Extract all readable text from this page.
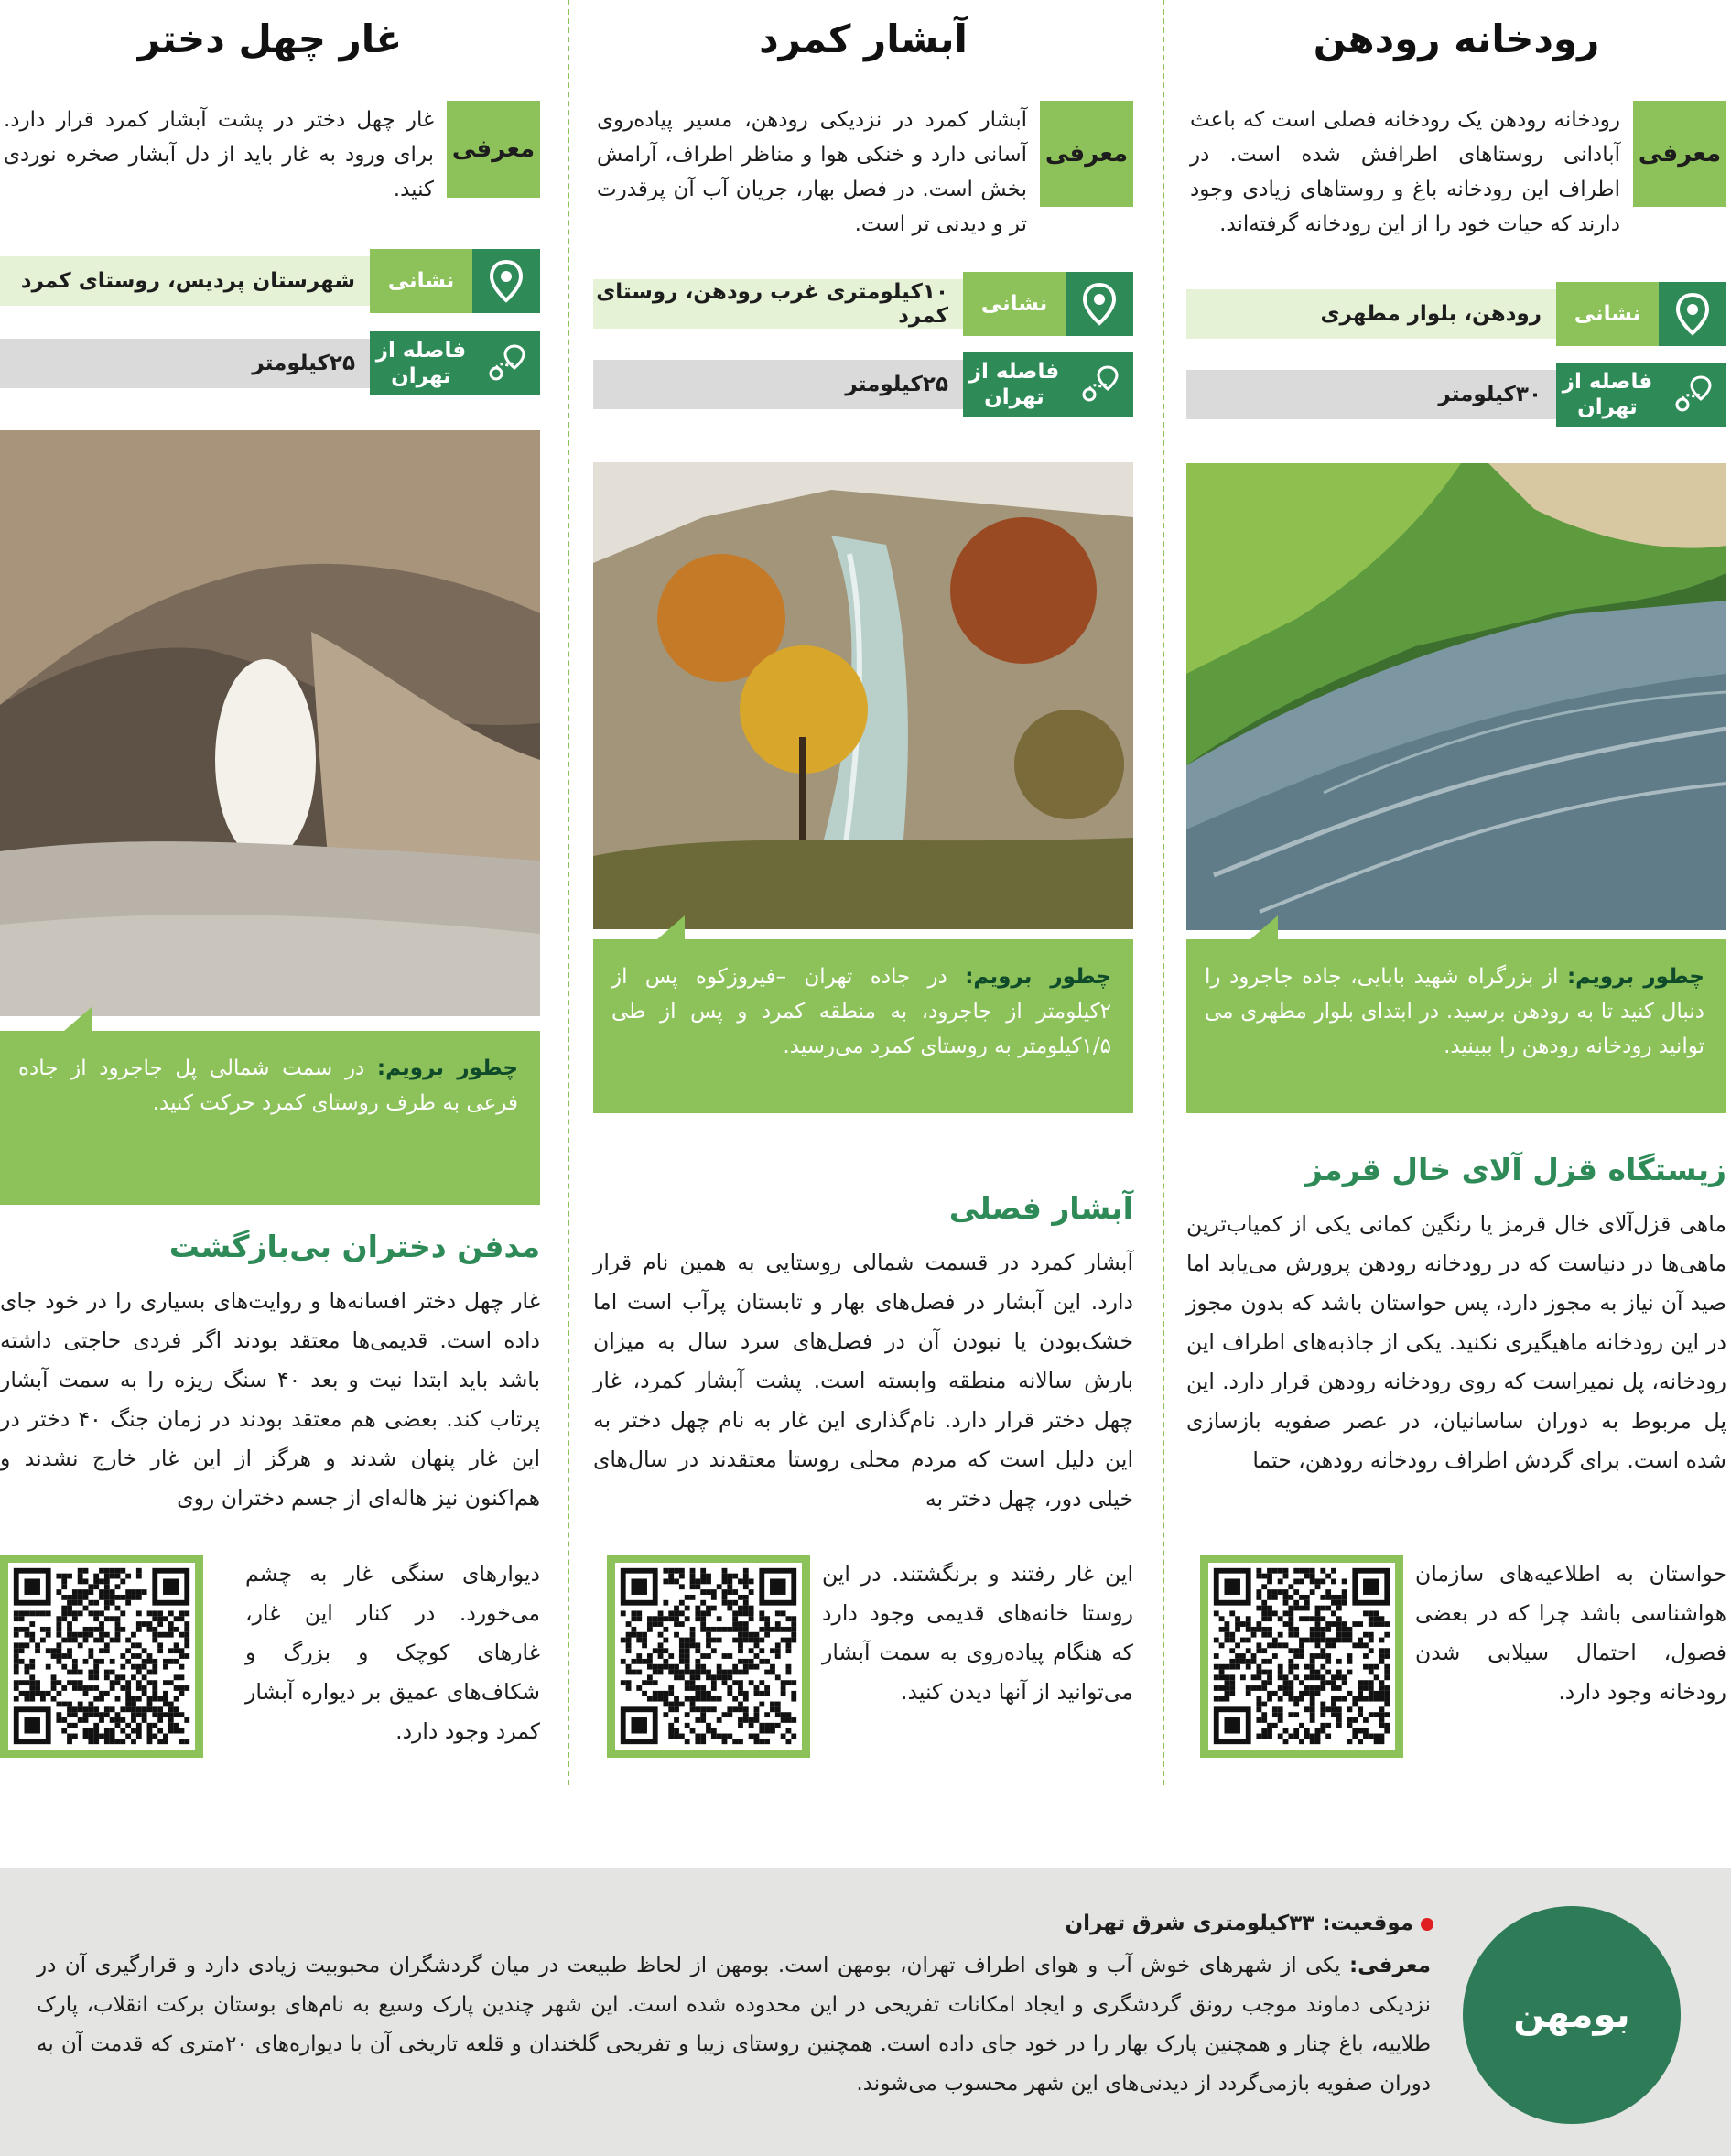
رودخانه رودهن
معرفی
رودخانه رودهن یک رودخانه فصلی است که باعث آبادانی روستاهای اطرافش شده است. در اطراف این رودخانه باغ و روستاهای زیادی وجود دارند که حیات خود را از این رودخانه گرفته‌اند.
نشانی
رودهن، بلوار مطهری
فاصله از تهران
۳۰کیلومتر
چطور برویم: از بزرگراه شهید بابایی، جاده جاجرود را دنبال کنید تا به رودهن برسید. در ابتدای بلوار مطهری می توانید رودخانه رودهن را ببینید.
زیستگاه قزل آلای خال قرمز
ماهی قزل‌آلای خال قرمز یا رنگین کمانی یکی از کمیاب‌ترین ماهی‌ها در دنیاست که در رودخانه رودهن پرورش می‌یابد اما صید آن نیاز به مجوز دارد، پس حواستان باشد که بدون مجوز در این رودخانه ماهیگیری نکنید. یکی از جاذبه‌های اطراف این رودخانه، پل نمیراست که روی رودخانه رودهن قرار دارد. این پل مربوط به دوران ساسانیان، در عصر صفویه بازسازی شده است. برای گردش اطراف رودخانه رودهن، حتما
حواستان به اطلاعیه‌های سازمان هواشناسی باشد چرا که در بعضی فصول، احتمال سیلابی شدن رودخانه وجود دارد.
آبشار کمرد
معرفی
آبشار کمرد در نزدیکی رودهن، مسیر پیاده‌روی آسانی دارد و خنکی هوا و مناظر اطراف، آرامش بخش است. در فصل بهار، جریان آب آن پرقدرت تر و دیدنی تر است.
نشانی
۱۰کیلومتری غرب رودهن، روستای کمرد
فاصله از تهران
۲۵کیلومتر
چطور برویم: در جاده تهران –فیروزکوه پس از ۲کیلومتر از جاجرود، به منطقه کمرد و پس از طی ۱/۵کیلومتر به روستای کمرد می‌رسید.
آبشار فصلی
آبشار کمرد در قسمت شمالی روستایی به همین نام قرار دارد. این آبشار در فصل‌های بهار و تابستان پرآب است اما خشک‌بودن یا نبودن آن در فصل‌های سرد سال به میزان بارش سالانه منطقه وابسته است. پشت آبشار کمرد، غار چهل دختر قرار دارد. نام‌گذاری این غار به نام چهل دختر به این دلیل است که مردم محلی روستا معتقدند در سال‌های خیلی دور، چهل دختر به
این غار رفتند و برنگشتند. در این روستا خانه‌های قدیمی وجود دارد که هنگام پیاده‌روی به سمت آبشار می‌توانید از آنها دیدن کنید.
غار چهل دختر
معرفی
غار چهل دختر در پشت آبشار کمرد قرار دارد. برای ورود به غار باید از دل آبشار صخره نوردی کنید.
نشانی
شهرستان پردیس، روستای کمرد
فاصله از تهران
۲۵کیلومتر
چطور برویم: در سمت شمالی پل جاجرود از جاده فرعی به طرف روستای کمرد حرکت کنید.
مدفن دختران بی‌بازگشت
غار چهل دختر افسانه‌ها و روایت‌های بسیاری را در خود جای داده است. قدیمی‌ها معتقد بودند اگر فردی حاجتی داشته باشد باید ابتدا نیت و بعد ۴۰ سنگ ریزه را به سمت آبشار پرتاب کند. بعضی هم معتقد بودند در زمان جنگ ۴۰ دختر در این غار پنهان شدند و هرگز از این غار خارج نشدند و هم‌اکنون نیز هاله‌ای از جسم دختران روی
دیوارهای سنگی غار به چشم می‌خورد. در کنار این غار، غارهای کوچک و بزرگ و شکاف‌های عمیق بر دیواره آبشار کمرد وجود دارد.
بومهن
موقعیت: ۳۳کیلومتری شرق تهران
معرفی: یکی از شهرهای خوش آب و هوای اطراف تهران، بومهن است. بومهن از لحاظ طبیعت در میان گردشگران محبوبیت زیادی دارد و قرارگیری آن در نزدیکی دماوند موجب رونق گردشگری و ایجاد امکانات تفریحی در این محدوده شده است. این شهر چندین پارک وسیع به نام‌های بوستان برکت انقلاب، پارک طلاییه، باغ چنار و همچنین پارک بهار را در خود جای داده است. همچنین روستای زیبا و تفریحی گلخندان و قلعه تاریخی آن با دیواره‌های ۲۰متری که قدمت آن به دوران صفویه بازمی‌گردد از دیدنی‌های این شهر محسوب می‌شوند.
